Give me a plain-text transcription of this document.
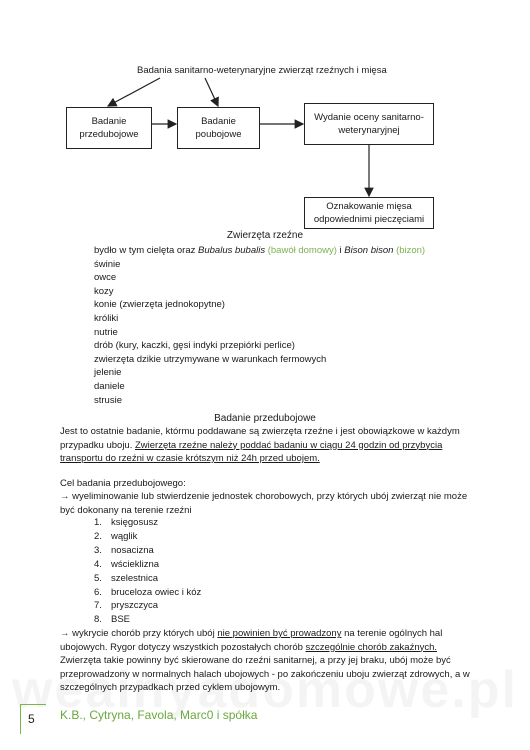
Badania sanitarno-weterynaryjne zwierząt rzeźnych i mięsa
Badanie przedubojowe
Badanie poubojowe
Wydanie oceny sanitarno-weterynaryjnej
Oznakowanie mięsa odpowiednimi pieczęciami
Zwierzęta rzeźne
bydło w tym cielęta oraz Bubalus bubalis (bawół domowy) i Bison bison (bizon)
świnie
owce
kozy
konie (zwierzęta jednokopytne)
króliki
nutrie
drób (kury, kaczki, gęsi indyki przepiórki perlice)
zwierzęta dzikie utrzymywane w warunkach fermowych
jelenie
daniele
strusie
Badanie przedubojowe

Jest to ostatnie badanie, którmu poddawane są zwierzęta rzeźne i jest obowiązkowe w każdym przypadku uboju. Zwierzęta rzeźne należy poddać badaniu w ciągu 24 godzin od przybycia transportu do rzeźni w czasie krótszym niż 24h przed ubojem.

Cel badania przedubojowego:
→ wyeliminowanie lub stwierdzenie jednostek chorobowych, przy których ubój zwierząt nie może być dokonany na terenie rzeźni
1. księgosusz
2. wąglik
3. nosacizna
4. wścieklizna
5. szelestnica
6. bruceloza owiec i kóz
7. pryszczyca
8. BSE

→ wykrycie chorób przy których ubój nie powinien być prowadzony na terenie ogólnych hal ubojowych. Rygor dotyczy wszystkich pozostałych chorób szczególnie chorób zakaźnych. Zwierzęta takie powinny być skierowane do rzeźni sanitarnej, a przy jej braku, ubój może być przeprowadzony w normalnych halach ubojowych - po zakończeniu uboju zwierząt zdrowych, a w szczególnych przypadkach przed cyklem ubojowym.

5 K.B., Cytryna, Favola, Marc0 i spółka
